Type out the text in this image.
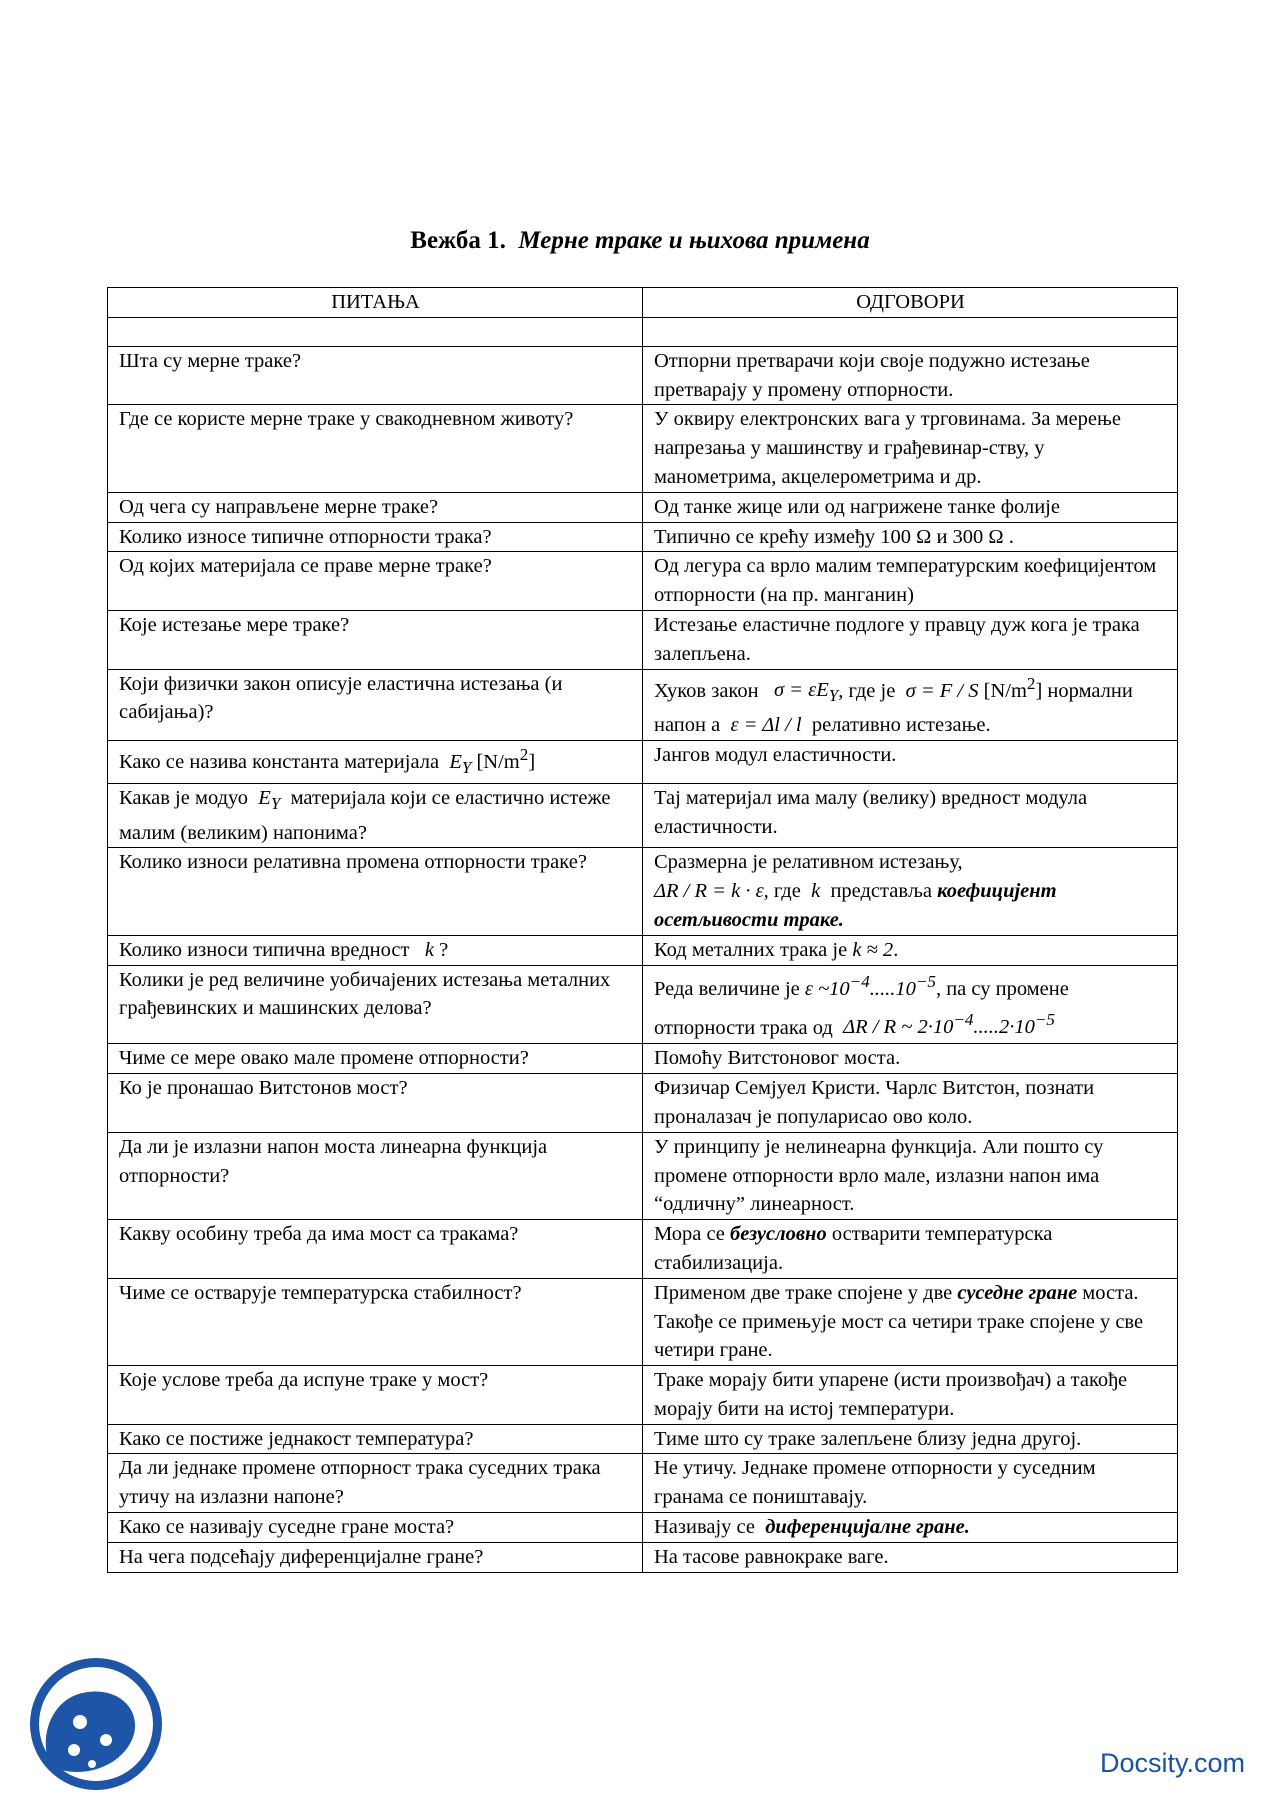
Вежба 1. Мерне траке и њихова примена
ПИТАЊА	ОДГОВОРИ

Шта су мерне траке?	Отпорни претварачи који своје подужно истезање претварају у промену отпорности.
Где се користе мерне траке у свакодневном животу?	У оквиру електронских вага у трговинама. За мерење напрезања у машинству и грађевинар-ству, у манометрима, акцелерометрима и др.
Од чега су направљене мерне траке?	Од танке жице или од нагрижене танке фолије
Колико износе типичне отпорности трака?	Типично се крећу између 100 Ω и 300 Ω .
Од којих материјала се праве мерне траке?	Од легура са врло малим температурским коефицијентом отпорности (на пр. манганин)
Које истезање мере траке?	Истезање еластичне подлоге у правцу дуж кога је трака залепљена.
Који физички закон описује еластична истезања (и сабијања)?	Хуков закон $\sigma = \varepsilon E_Y$, где је σ = F / S $[N/m^2]$ нормални напон а ε = Δl / l релативно истезање.
Како се назива константа материјала $E_Y$ $[N/m^2]$	Јангов модул еластичности.
Какав је модуо $E_Y$ материјала који се еластично истеже малим (великим) напонима?	Тај материјал има малу (велику) вредност модула еластичности.
Колико износи релативна промена отпорности траке?	Сразмерна је релативном истезању,
ΔR / R = k · ε, где k представља коефицијент осетљивости траке.
Колико износи типична вредност k ?	Код металних трака је k ≈ 2.
Колики је ред величине уобичајених истезања металних грађевинских и машинских делова?	Реда величине је ε $\sim 10^{-4}.....10^{-5}$, па су промене отпорности трака од ΔR / R ~ $2\cdot 10^{-4}.....2\cdot 10^{-5}$
Чиме се мере овако мале промене отпорности?	Помоћу Витстоновог моста.
Ко је пронашао Витстонов мост?	Физичар Семјуел Кристи. Чарлс Витстон, познати проналазач је популарисао ово коло.
Да ли је излазни напон моста линеарна функција отпорности?	У принципу је нелинеарна функција. Али пошто су промене отпорности врло мале, излазни напон има “одличну” линеарност.
Какву особину треба да има мост са тракама?	Мора се безусловно остварити температурска стабилизација.
Чиме се остварује температурска стабилност?	Применом две траке спојене у две суседне гране моста. Такође се примењује мост са четири траке спојене у све четири гране.
Које услове треба да испуне траке у мост?	Траке морају бити упарене (исти произвођач) а такође морају бити на истој температури.
Како се постиже једнакост температура?	Тиме што су траке залепљене близу једна другој.
Да ли једнаке промене отпорност трака суседних трака утичу на излазни напоне?	Не утичу. Једнаке промене отпорности у суседним гранама се поништавају.
Како се називају суседне гране моста?	Називају се диференцијалне гране.
На чега подсећају диференцијалне гране?	На тасове равнокраке ваге.
Docsity.com
